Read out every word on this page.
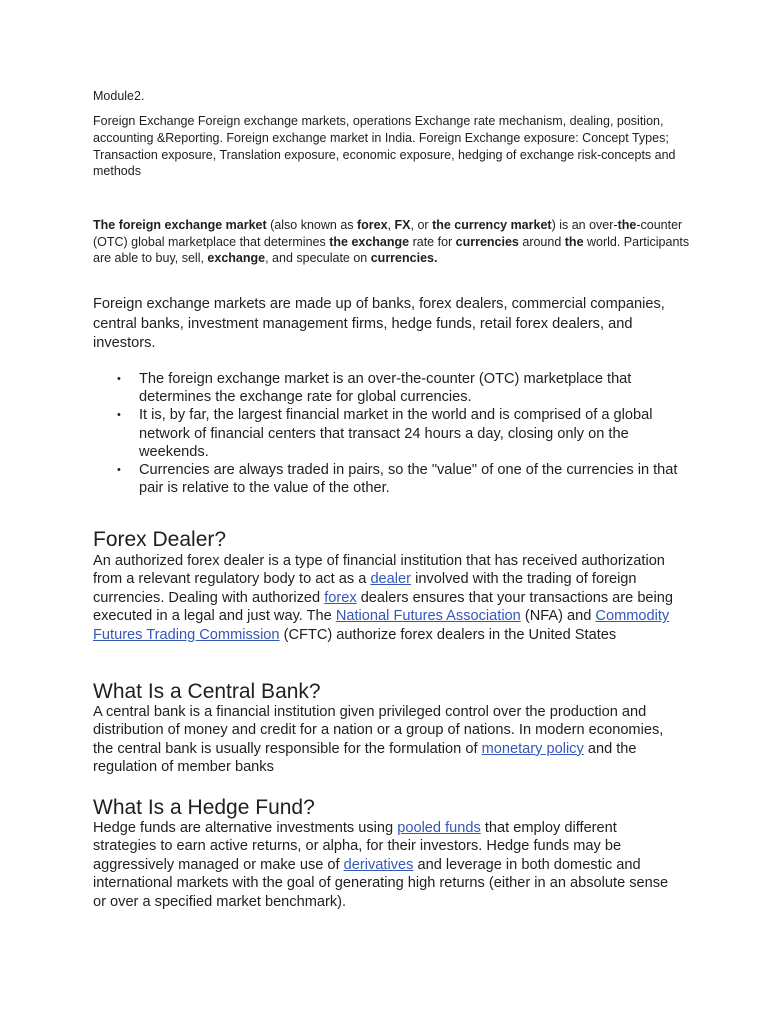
Module2.
Foreign Exchange Foreign exchange markets, operations Exchange rate mechanism, dealing, position, accounting &Reporting. Foreign exchange market in India. Foreign Exchange exposure: Concept Types; Transaction exposure, Translation exposure, economic exposure, hedging of exchange risk-concepts and methods
The foreign exchange market (also known as forex, FX, or the currency market) is an over-the-counter (OTC) global marketplace that determines the exchange rate for currencies around the world. Participants are able to buy, sell, exchange, and speculate on currencies.
Foreign exchange markets are made up of banks, forex dealers, commercial companies, central banks, investment management firms, hedge funds, retail forex dealers, and investors.
• The foreign exchange market is an over-the-counter (OTC) marketplace that determines the exchange rate for global currencies.
• It is, by far, the largest financial market in the world and is comprised of a global network of financial centers that transact 24 hours a day, closing only on the weekends.
• Currencies are always traded in pairs, so the "value" of one of the currencies in that pair is relative to the value of the other.
Forex Dealer?
An authorized forex dealer is a type of financial institution that has received authorization from a relevant regulatory body to act as a dealer involved with the trading of foreign currencies. Dealing with authorized forex dealers ensures that your transactions are being executed in a legal and just way. The National Futures Association (NFA) and Commodity Futures Trading Commission (CFTC) authorize forex dealers in the United States
What Is a Central Bank?
A central bank is a financial institution given privileged control over the production and distribution of money and credit for a nation or a group of nations. In modern economies, the central bank is usually responsible for the formulation of monetary policy and the regulation of member banks
What Is a Hedge Fund?
Hedge funds are alternative investments using pooled funds that employ different strategies to earn active returns, or alpha, for their investors. Hedge funds may be aggressively managed or make use of derivatives and leverage in both domestic and international markets with the goal of generating high returns (either in an absolute sense or over a specified market benchmark).
